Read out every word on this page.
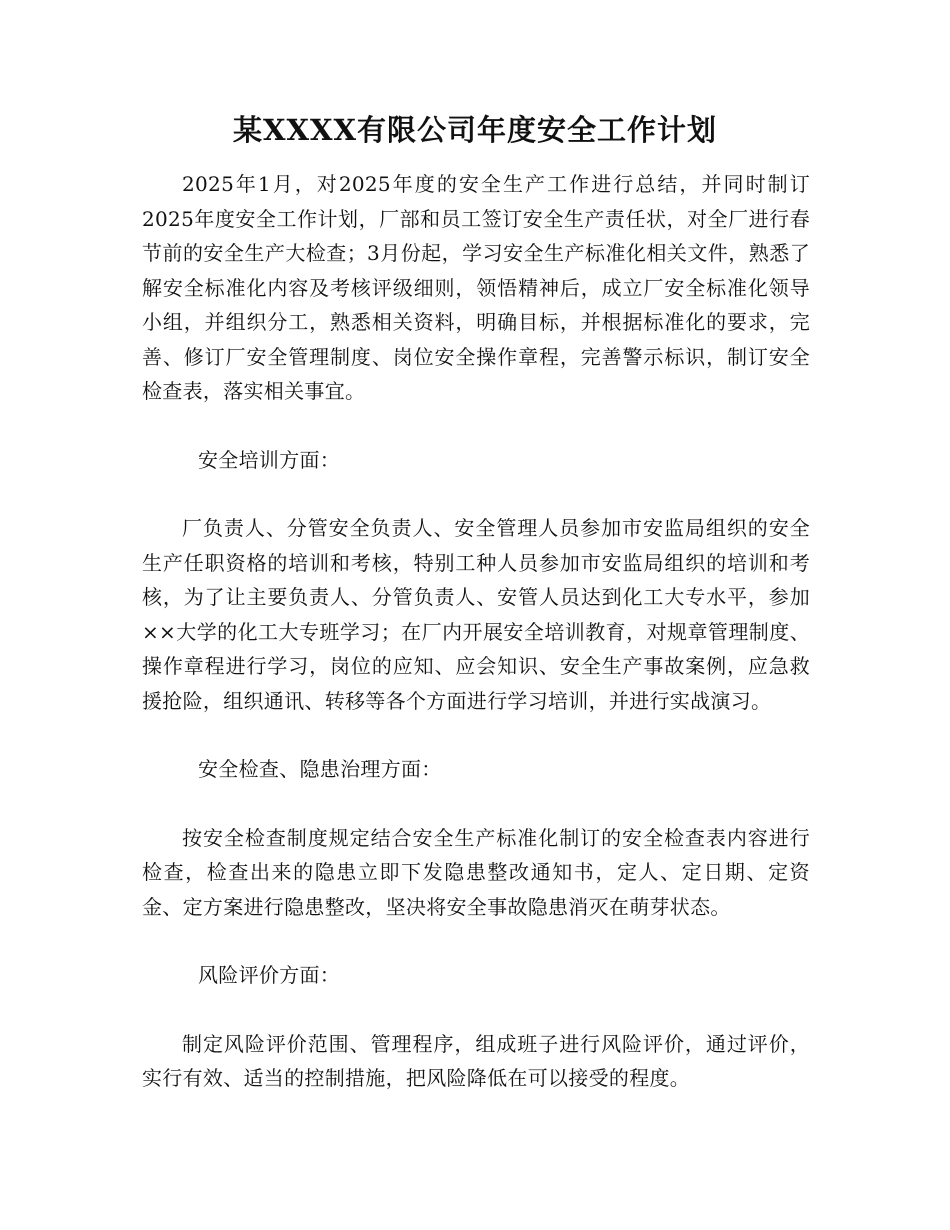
某XXXX有限公司年度安全工作计划

2025年1月，对2025年度的安全生产工作进行总结，并同时制订2025年度安全工作计划，厂部和员工签订安全生产责任状，对全厂进行春节前的安全生产大检查；3月份起，学习安全生产标准化相关文件，熟悉了解安全标准化内容及考核评级细则，领悟精神后，成立厂安全标准化领导小组，并组织分工，熟悉相关资料，明确目标，并根据标准化的要求，完善、修订厂安全管理制度、岗位安全操作章程，完善警示标识，制订安全检查表，落实相关事宜。

安全培训方面：

厂负责人、分管安全负责人、安全管理人员参加市安监局组织的安全生产任职资格的培训和考核，特别工种人员参加市安监局组织的培训和考核，为了让主要负责人、分管负责人、安管人员达到化工大专水平，参加××大学的化工大专班学习；在厂内开展安全培训教育，对规章管理制度、操作章程进行学习，岗位的应知、应会知识、安全生产事故案例，应急救援抢险，组织通讯、转移等各个方面进行学习培训，并进行实战演习。

安全检查、隐患治理方面：

按安全检查制度规定结合安全生产标准化制订的安全检查表内容进行检查，检查出来的隐患立即下发隐患整改通知书，定人、定日期、定资金、定方案进行隐患整改，坚决将安全事故隐患消灭在萌芽状态。

风险评价方面：

制定风险评价范围、管理程序，组成班子进行风险评价，通过评价，实行有效、适当的控制措施，把风险降低在可以接受的程度。
